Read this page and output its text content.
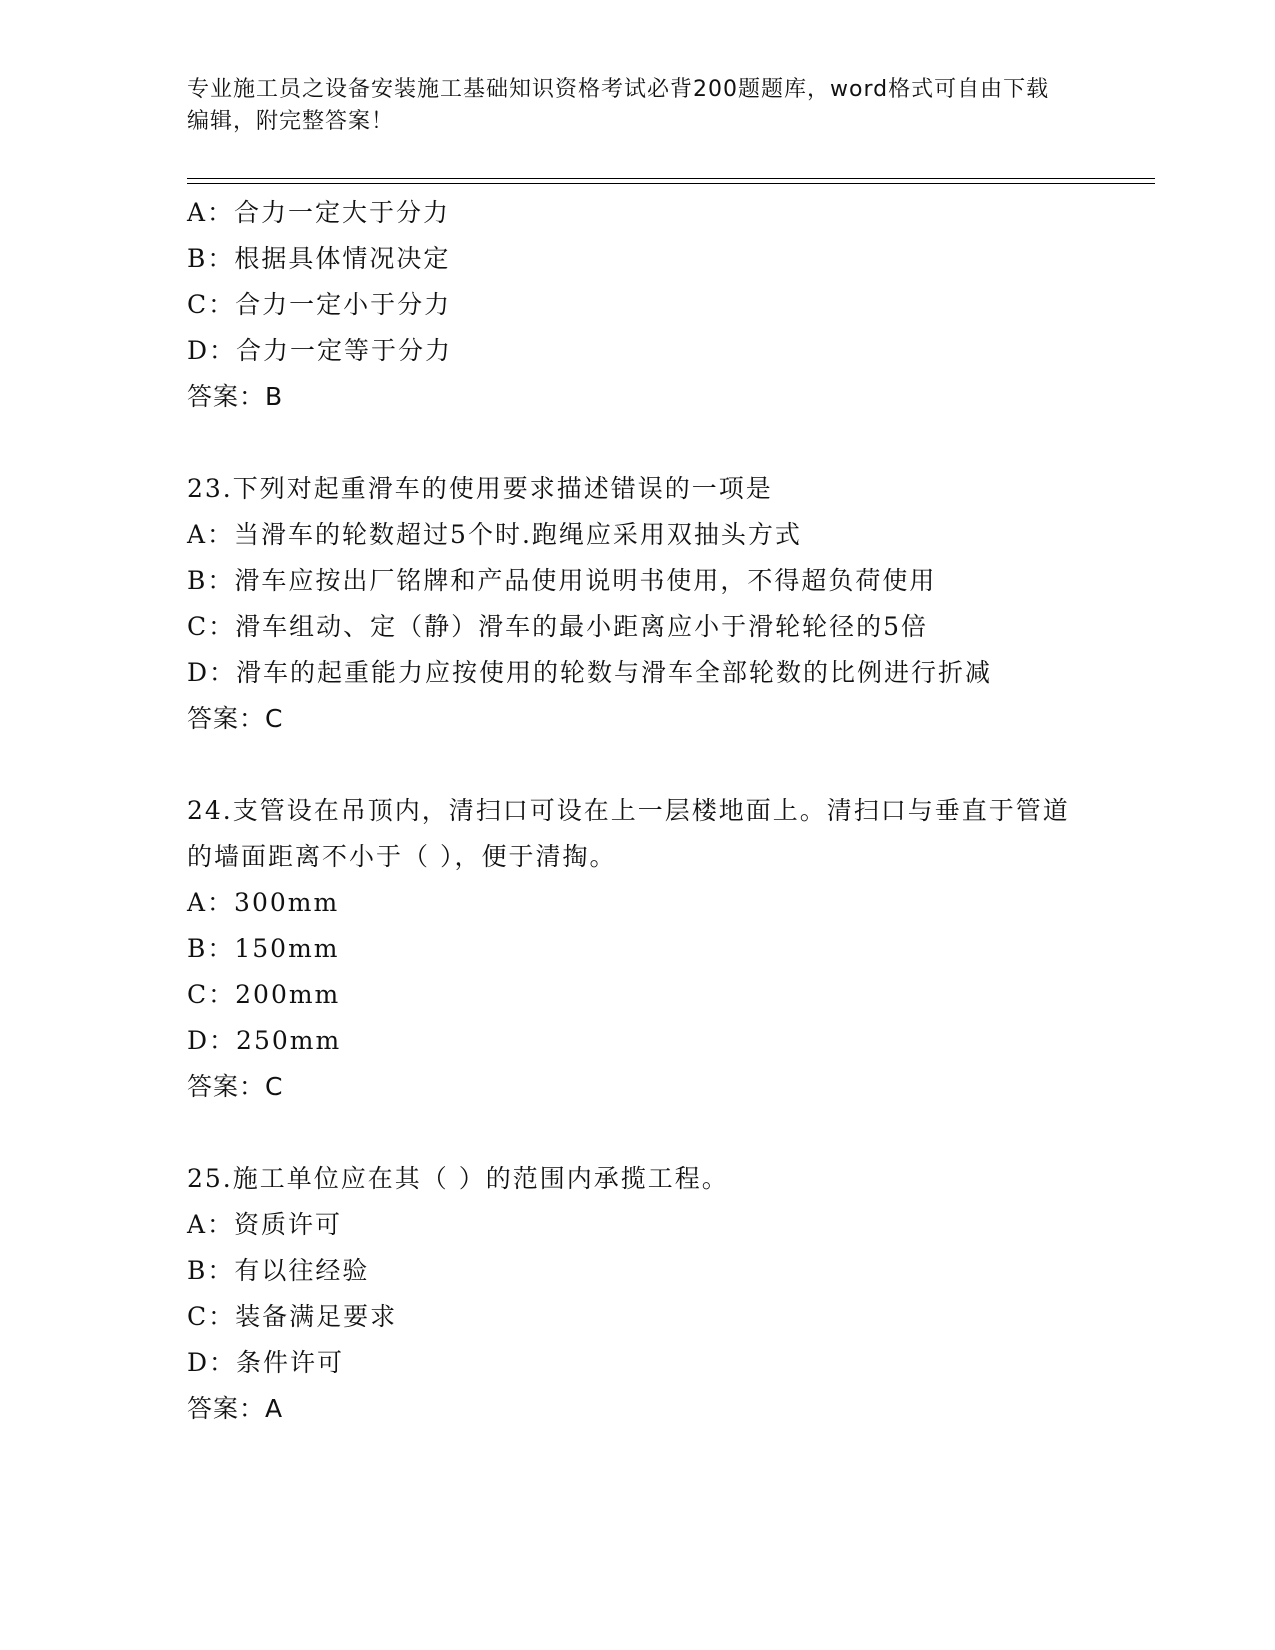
专业施工员之设备安装施工基础知识资格考试必背200题题库，word格式可自由下载编辑，附完整答案！
A：合力一定大于分力
B：根据具体情况决定
C：合力一定小于分力
D：合力一定等于分力
答案：B
23.下列对起重滑车的使用要求描述错误的一项是
A：当滑车的轮数超过5个时.跑绳应采用双抽头方式
B：滑车应按出厂铭牌和产品使用说明书使用，不得超负荷使用
C：滑车组动、定（静）滑车的最小距离应小于滑轮轮径的5倍
D：滑车的起重能力应按使用的轮数与滑车全部轮数的比例进行折减
答案：C
24.支管设在吊顶内，清扫口可设在上一层楼地面上。清扫口与垂直于管道的墙面距离不小于（ ），便于清掏。
A：300mm
B：150mm
C：200mm
D：250mm
答案：C
25.施工单位应在其（ ）的范围内承揽工程。
A：资质许可
B：有以往经验
C：装备满足要求
D：条件许可
答案：A
